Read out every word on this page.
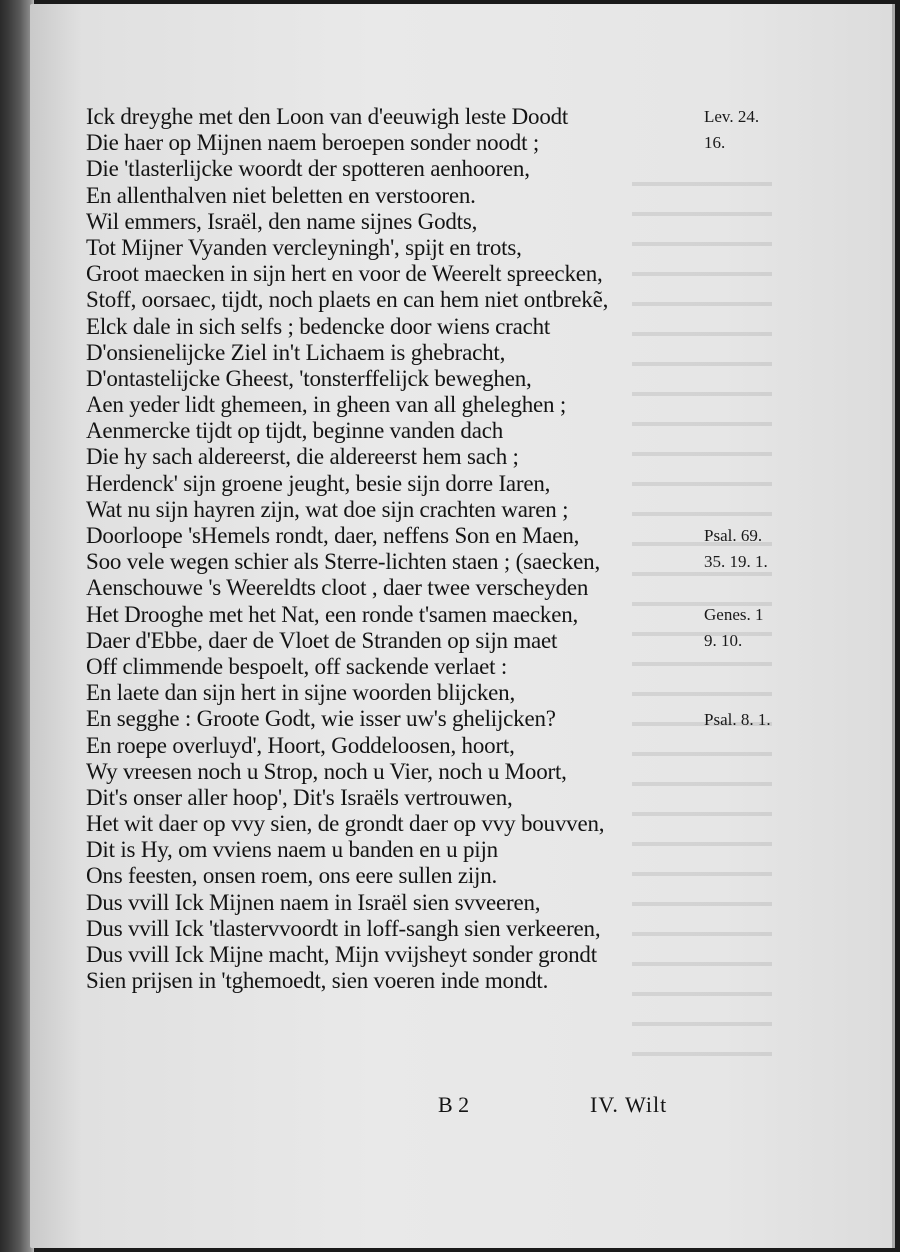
Ick dreyghe met den Loon van d'eeuwigh leste Doodt
Die haer op Mijnen naem beroepen sonder noodt ;
Die 'tlasterlijcke woordt der spotteren aenhooren,
En allenthalven niet beletten en verstooren.
Wil emmers, Israël, den name sijnes Godts,
Tot Mijner Vyanden vercleyningh', spijt en trots,
Groot maecken in sijn hert en voor de Weerelt spreecken,
Stoff, oorsaec, tijdt, noch plaets en can hem niet ontbrekẽ,
Elck dale in sich selfs ; bedencke door wiens cracht
D'onsienelijcke Ziel in't Lichaem is ghebracht,
D'ontastelijcke Gheest, 'tonsterffelijck beweghen,
Aen yeder lidt ghemeen, in gheen van all gheleghen ;
Aenmercke tijdt op tijdt, beginne vanden dach
Die hy sach aldereerst, die aldereerst hem sach ;
Herdenck' sijn groene jeught, besie sijn dorre Iaren,
Wat nu sijn hayren zijn, wat doe sijn crachten waren ;
Doorloope 'sHemels rondt, daer, neffens Son en Maen,
Soo vele wegen schier als Sterre-lichten staen ; (saecken,
Aenschouwe 's Weereldts cloot , daer twee verscheyden
Het Drooghe met het Nat, een ronde t'samen maecken,
Daer d'Ebbe, daer de Vloet de Stranden op sijn maet
Off climmende bespoelt, off sackende verlaet :
En laete dan sijn hert in sijne woorden blijcken,
En segghe : Groote Godt, wie isser uw's ghelijcken?
En roepe overluyd', Hoort, Goddeloosen, hoort,
Wy vreesen noch u Strop, noch u Vier, noch u Moort,
Dit's onser aller hoop', Dit's Israëls vertrouwen,
Het wit daer op vvy sien, de grondt daer op vvy bouvven,
Dit is Hy, om vviens naem u banden en u pijn
Ons feesten, onsen roem, ons eere sullen zijn.
Dus vvill Ick Mijnen naem in Israël sien svveeren,
Dus vvill Ick 'tlastervvoordt in loff-sangh sien verkeeren,
Dus vvill Ick Mijne macht, Mijn vvijsheyt sonder grondt
Sien prijsen in 'tghemoedt, sien voeren inde mondt.
Lev. 24.
16.
Psal. 69.
35. 19. 1.
Genes. 1
9. 10.
Psal. 8. 1.
B 2	IV. Wilt
